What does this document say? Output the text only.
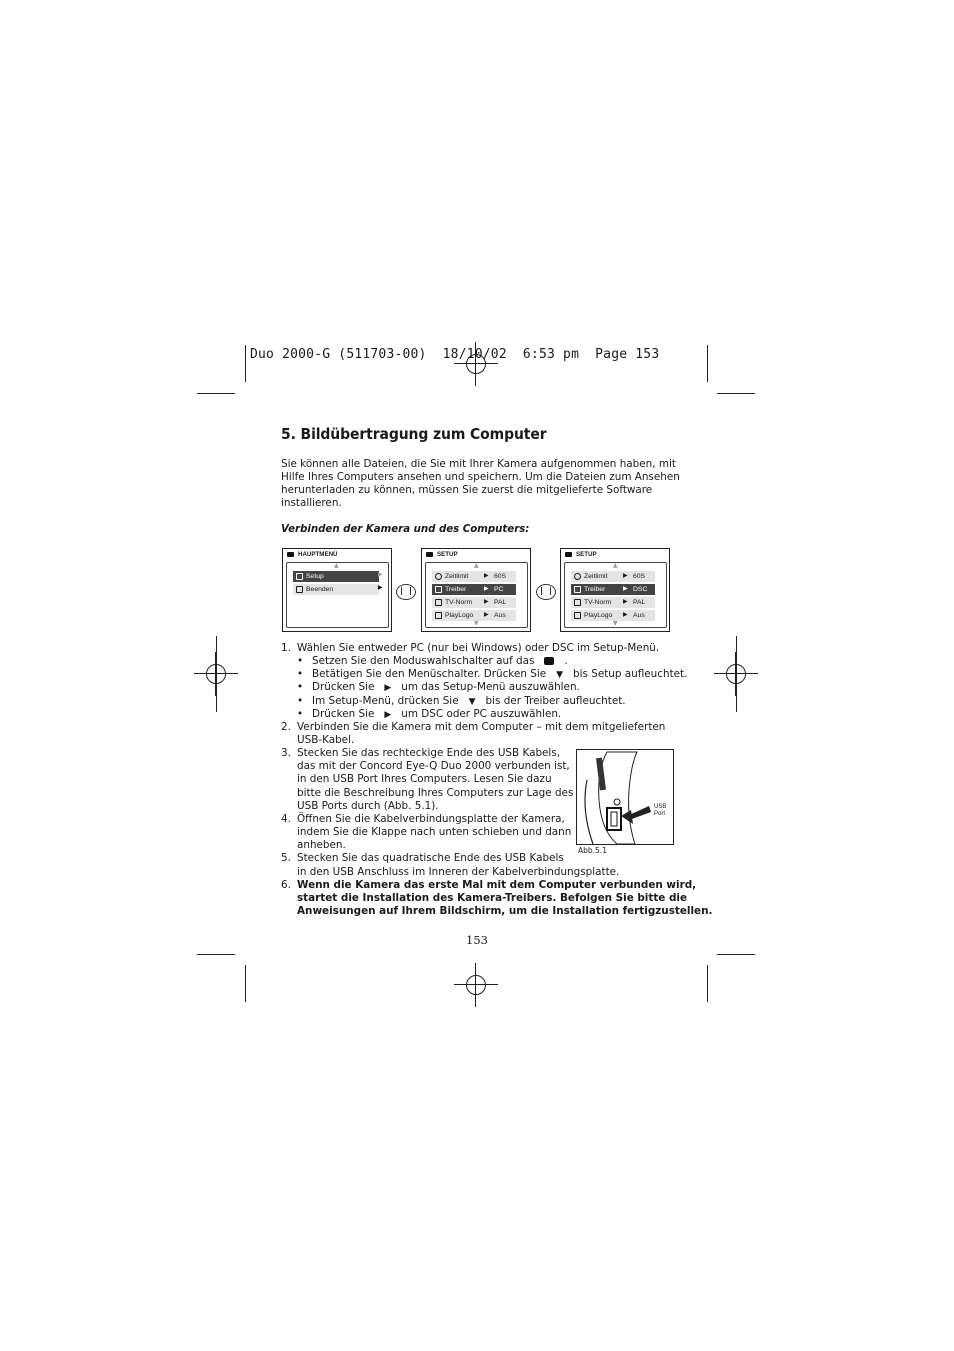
Duo 2000-G (511703-00)  18/10/02  6:53 pm  Page 153
5. Bildübertragung zum Computer
Sie können alle Dateien, die Sie mit Ihrer Kamera aufgenommen haben, mit
Hilfe Ihres Computers ansehen und speichern. Um die Dateien zum Ansehen
herunterladen zu können, müssen Sie zuerst die mitgelieferte Software
installieren.
Verbinden der Kamera und des Computers:
HAUPTMENÜ
▲
Setup
Beenden
▶
▶
SETUP
▲
Zeitlimit	▶ 60S
Treiber	▶ PC
TV-Norm ▶ PAL
PlayLogo ▶ Aus
▼
SETUP
▲
Zeitlimit	▶ 60S
Treiber	▶ DSC
TV-Norm ▶ PAL
PlayLogo ▶ Aus
▼
1. Wählen Sie entweder PC (nur bei Windows) oder DSC im Setup-Menü.
• Setzen Sie den Moduswahlschalter auf das	.
• Betätigen Sie den Menüschalter. Drücken Sie ▼ bis Setup aufleuchtet.
• Drücken Sie ▶ um das Setup-Menü auszuwählen.
• Im Setup-Menü, drücken Sie ▼ bis der Treiber aufleuchtet.
• Drücken Sie ▶ um DSC oder PC auszuwählen.
2. Verbinden Sie die Kamera mit dem Computer – mit dem mitgelieferten
USB-Kabel.
3. Stecken Sie das rechteckige Ende des USB Kabels,
das mit der Concord Eye-Q Duo 2000 verbunden ist,
in den USB Port Ihres Computers. Lesen Sie dazu
bitte die Beschreibung Ihres Computers zur Lage des
USB Ports durch (Abb. 5.1).
4. Öffnen Sie die Kabelverbindungsplatte der Kamera,
indem Sie die Klappe nach unten schieben und dann
anheben.
5. Stecken Sie das quadratische Ende des USB Kabels
in den USB Anschluss im Inneren der Kabelverbindungsplatte.
6. Wenn die Kamera das erste Mal mit dem Computer verbunden wird,
startet die Installation des Kamera-Treibers. Befolgen Sie bitte die
Anweisungen auf Ihrem Bildschirm, um die Installation fertigzustellen.
USB
Port
Abb.5.1
153
